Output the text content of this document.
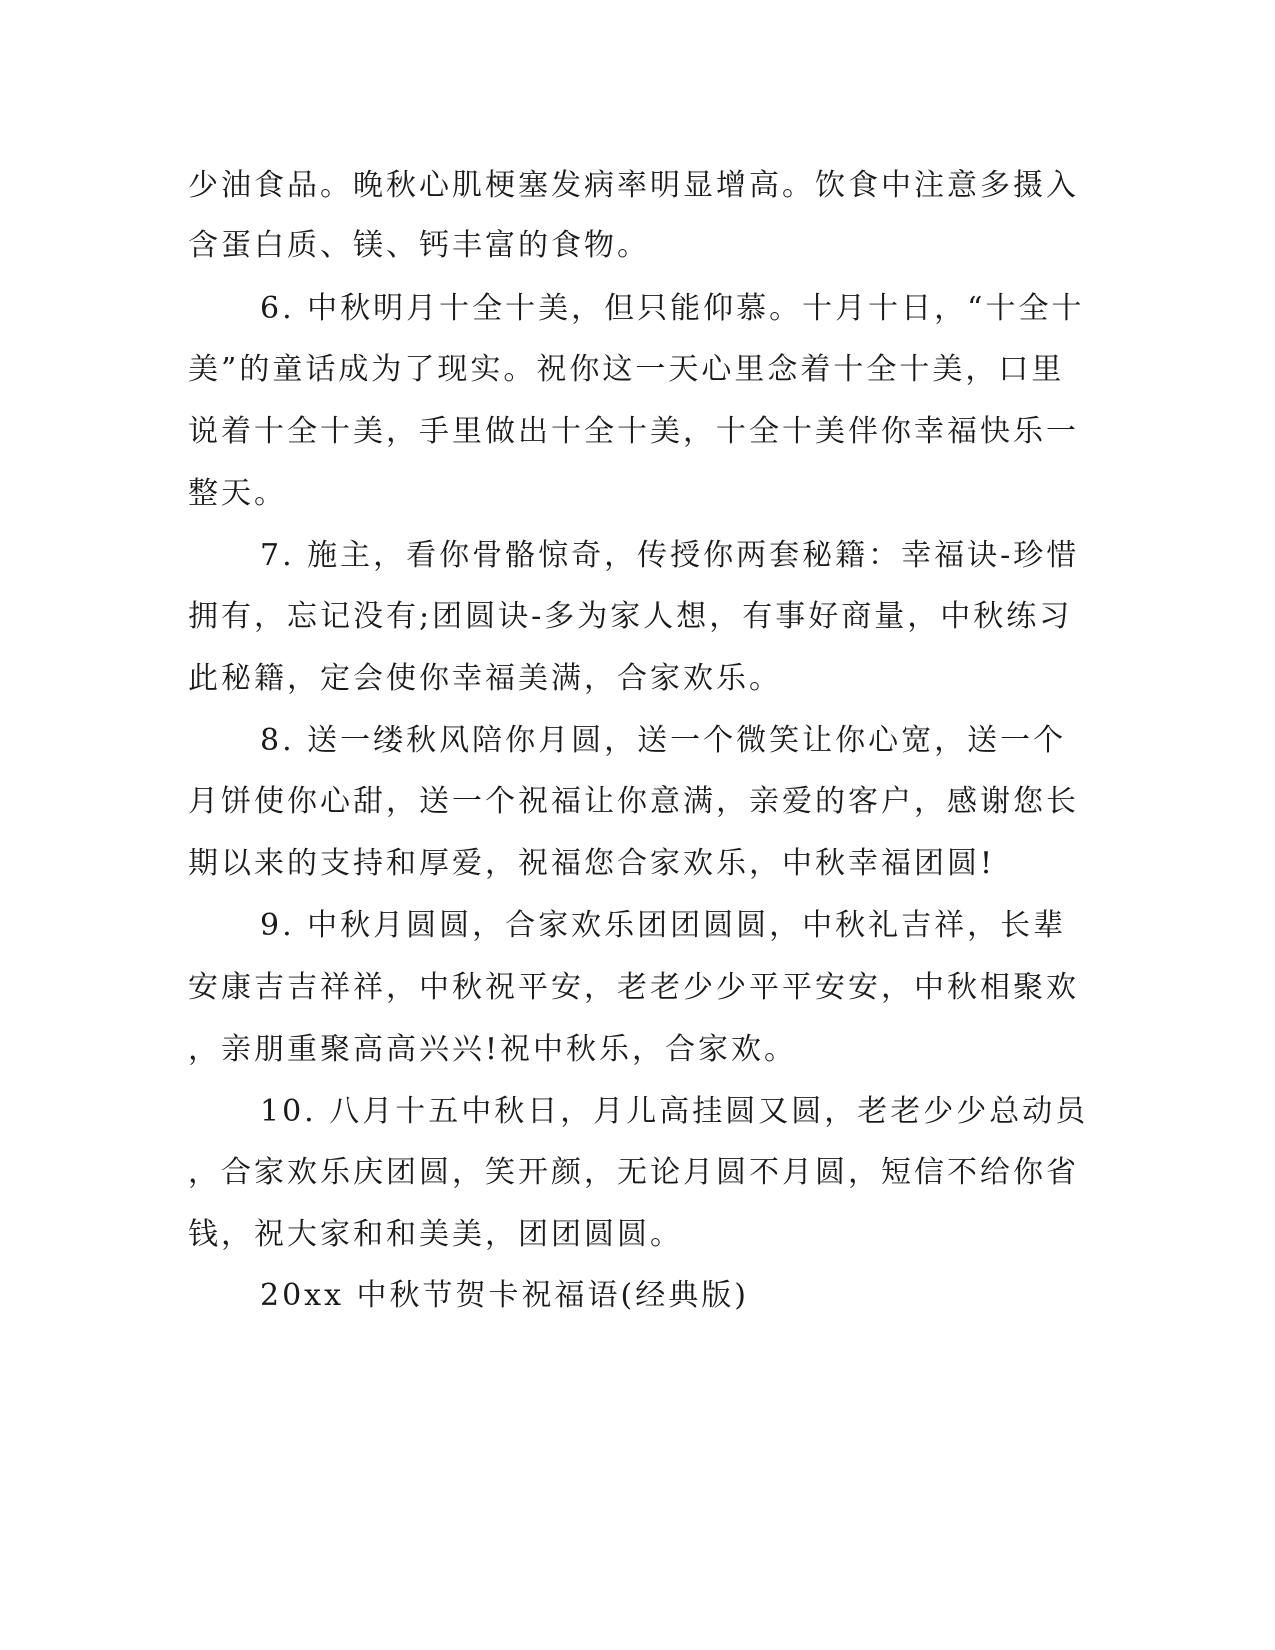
少油食品。晚秋心肌梗塞发病率明显增高。饮食中注意多摄入
含蛋白质、镁、钙丰富的食物。
6. 中秋明月十全十美，但只能仰慕。十月十日，“十全十
美”的童话成为了现实。祝你这一天心里念着十全十美，口里
说着十全十美，手里做出十全十美，十全十美伴你幸福快乐一
整天。
7. 施主，看你骨骼惊奇，传授你两套秘籍：幸福诀-珍惜
拥有，忘记没有;团圆诀-多为家人想，有事好商量，中秋练习
此秘籍，定会使你幸福美满，合家欢乐。
8. 送一缕秋风陪你月圆，送一个微笑让你心宽，送一个
月饼使你心甜，送一个祝福让你意满，亲爱的客户，感谢您长
期以来的支持和厚爱，祝福您合家欢乐，中秋幸福团圆!
9. 中秋月圆圆，合家欢乐团团圆圆，中秋礼吉祥，长辈
安康吉吉祥祥，中秋祝平安，老老少少平平安安，中秋相聚欢
，亲朋重聚高高兴兴!祝中秋乐，合家欢。
10. 八月十五中秋日，月儿高挂圆又圆，老老少少总动员
，合家欢乐庆团圆，笑开颜，无论月圆不月圆，短信不给你省
钱，祝大家和和美美，团团圆圆。
20xx 中秋节贺卡祝福语(经典版)
